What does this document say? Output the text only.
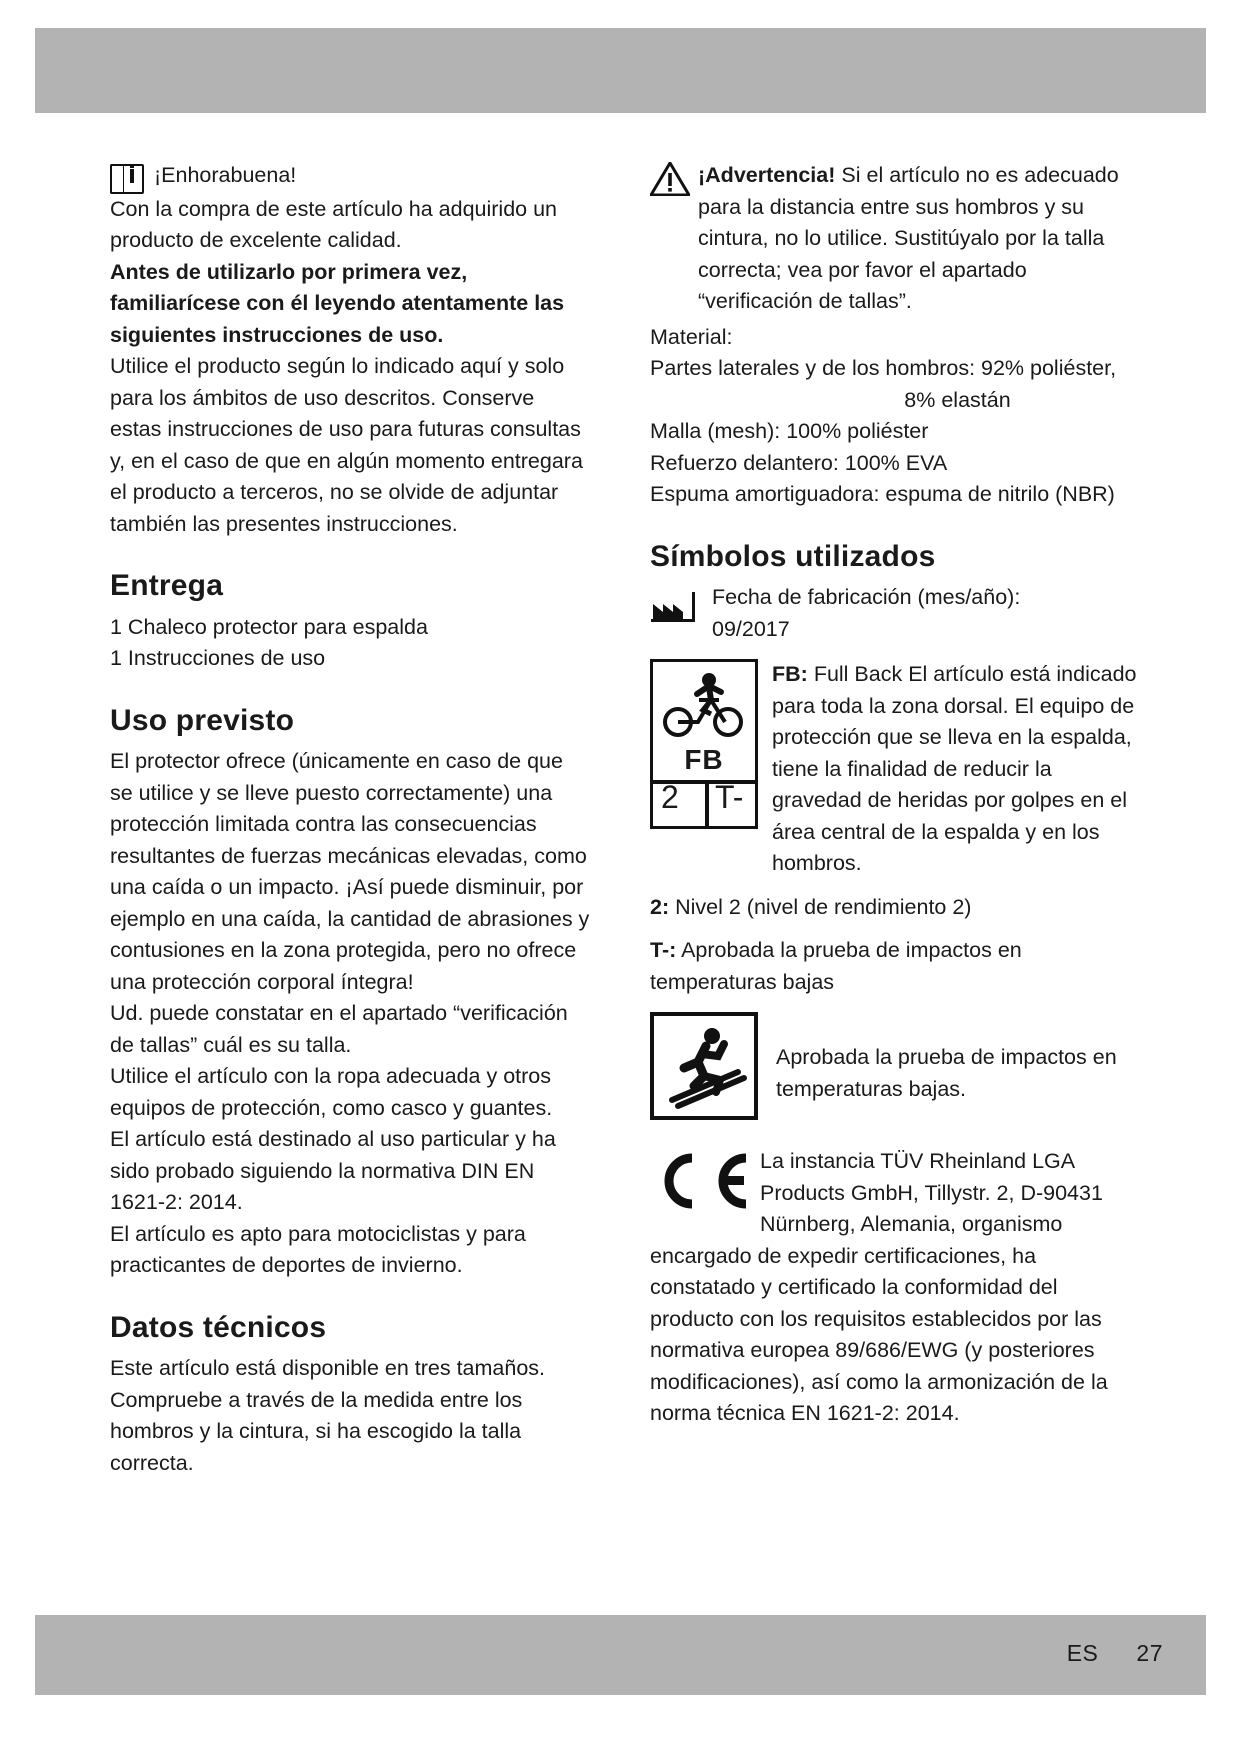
ES 27
¡Enhorabuena!

Con la compra de este artículo ha adquirido un producto de excelente calidad.

Antes de utilizarlo por primera vez, familiarícese con él leyendo atentamente las siguientes instrucciones de uso.

Utilice el producto según lo indicado aquí y solo para los ámbitos de uso descritos. Conserve estas instrucciones de uso para futuras consultas y, en el caso de que en algún momento entregara el producto a terceros, no se olvide de adjuntar también las presentes instrucciones.

Entrega

1 Chaleco protector para espalda

1 Instrucciones de uso

Uso previsto

El protector ofrece (únicamente en caso de que se utilice y se lleve puesto correctamente) una protección limitada contra las consecuencias resultantes de fuerzas mecánicas elevadas, como una caída o un impacto. ¡Así puede disminuir, por ejemplo en una caída, la cantidad de abrasiones y contusiones en la zona protegida, pero no ofrece una protección corporal íntegra!

Ud. puede constatar en el apartado “verificación de tallas” cuál es su talla.

Utilice el artículo con la ropa adecuada y otros equipos de protección, como casco y guantes.

El artículo está destinado al uso particular y ha sido probado siguiendo la normativa DIN EN 1621-2: 2014.

El artículo es apto para motociclistas y para practicantes de deportes de invierno.

Datos técnicos

Este artículo está disponible en tres tamaños. Compruebe a través de la medida entre los hombros y la cintura, si ha escogido la talla correcta.

¡Advertencia! Si el artículo no es adecuado para la distancia entre sus hombros y su cintura, no lo utilice. Sustitúyalo por la talla correcta; vea por favor el apartado “verificación de tallas”.

Material:

Partes laterales y de los hombros: 92% poliéster,

8% elastán

Malla (mesh): 100% poliéster

Refuerzo delantero: 100% EVA

Espuma amortiguadora: espuma de nitrilo (NBR)

Símbolos utilizados
Fecha de fabricación (mes/año):
09/2017
FB
2 T-
FB: Full Back El artículo está indicado para toda la zona dorsal. El equipo de protección que se lleva en la espalda, tiene la finalidad de reducir la gravedad de heridas por golpes en el área central de la espalda y en los hombros.

2: Nivel 2 (nivel de rendimiento 2)

T-: Aprobada la prueba de impactos en temperaturas bajas

Aprobada la prueba de impactos en temperaturas bajas.
La instancia TÜV Rheinland LGA Products GmbH, Tillystr. 2, D-90431 Nürnberg, Alemania, organismo encargado de expedir certificaciones, ha constatado y certificado la conformidad del producto con los requisitos establecidos por las normativa europea 89/686/EWG (y posteriores modificaciones), así como la armonización de la norma técnica EN 1621-2: 2014.
